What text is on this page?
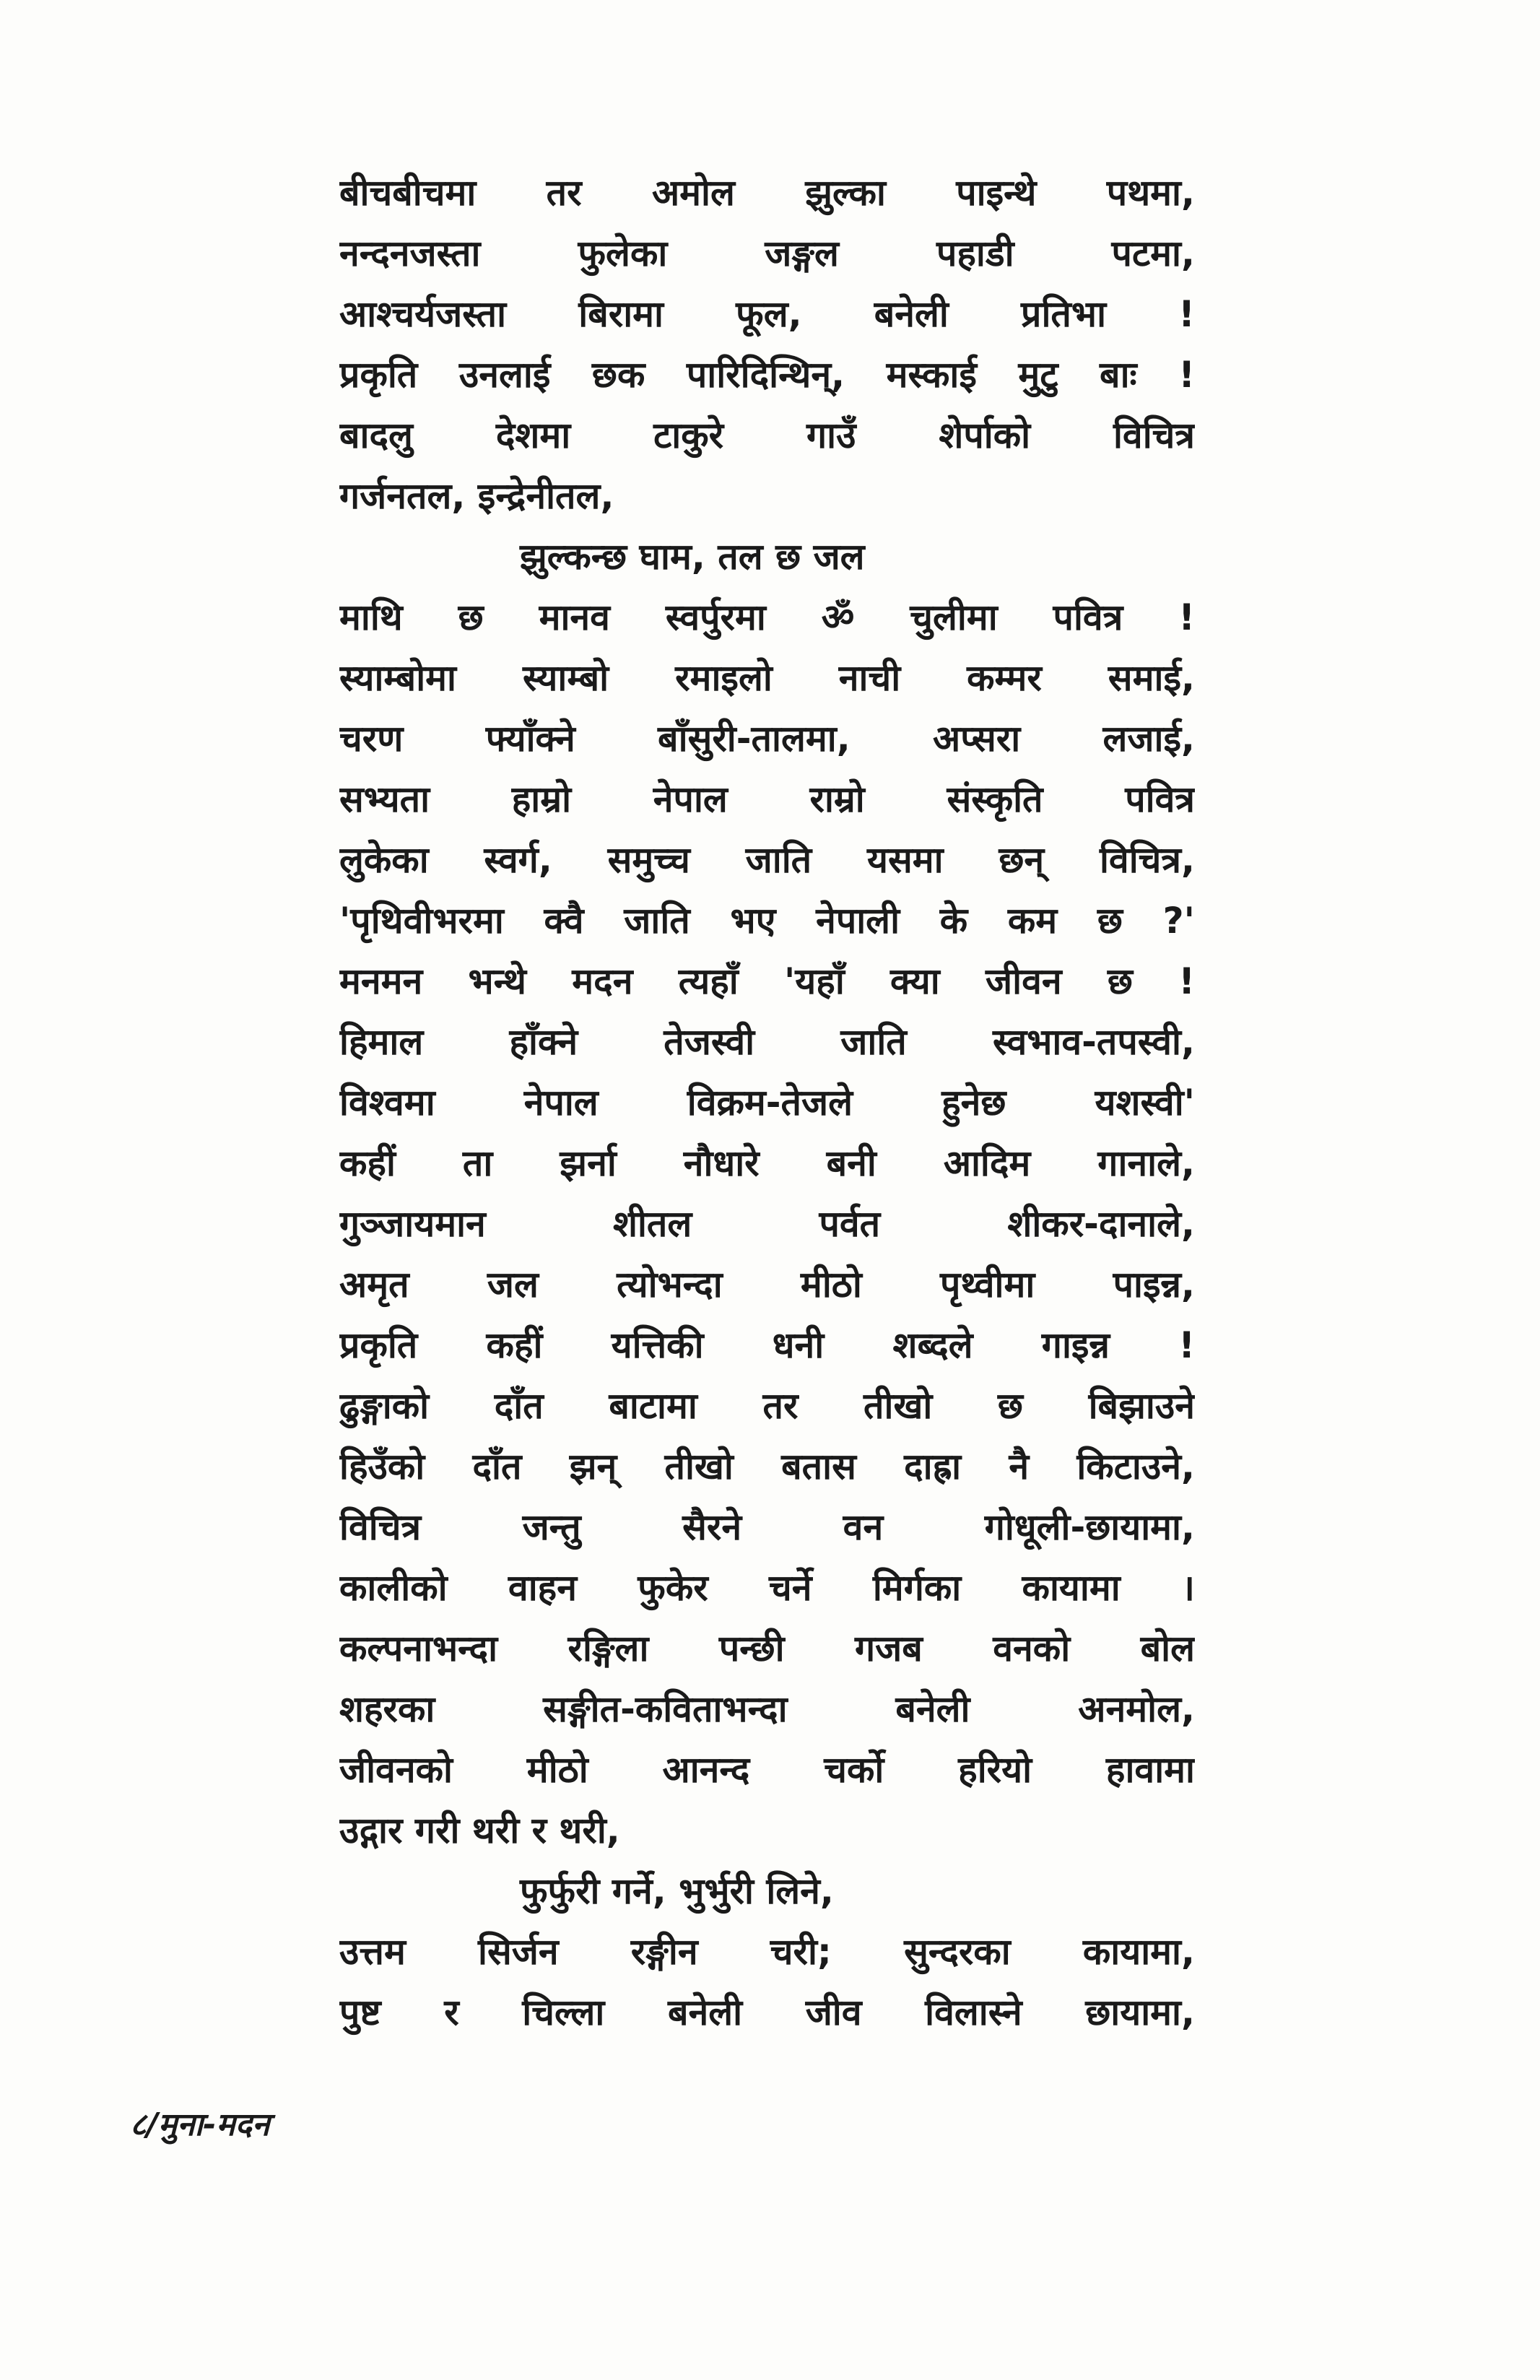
बीचबीचमा तर अमोल झुल्का पाइन्थे पथमा,
नन्दनजस्ता फुलेका जङ्गल पहाडी पटमा,
आश्चर्यजस्ता बिरामा फूल, बनेली प्रतिभा !
प्रकृति उनलाई छक पारिदिन्थिन्, मस्काई मुटु बाः !
बादलु देशमा टाकुरे गाउँ शेर्पाको विचित्र
गर्जनतल, इन्द्रेनीतल,
झुल्कन्छ घाम, तल छ जल
माथि छ मानव स्वर्पुरमा ॐ चुलीमा पवित्र !
स्याम्बोमा स्याम्बो रमाइलो नाची कम्मर समाई,
चरण फ्याँक्ने बाँसुरी-तालमा, अप्सरा लजाई,
सभ्यता हाम्रो नेपाल राम्रो संस्कृति पवित्र
लुकेका स्वर्ग, समुच्च जाति यसमा छन् विचित्र,
'पृथिवीभरमा क्वै जाति भए नेपाली के कम छ ?'
मनमन भन्थे मदन त्यहाँ 'यहाँ क्या जीवन छ !
हिमाल हाँक्ने तेजस्वी जाति स्वभाव-तपस्वी,
विश्वमा नेपाल विक्रम-तेजले हुनेछ यशस्वी'
कहीं ता झर्ना नौधारे बनी आदिम गानाले,
गुञ्जायमान शीतल पर्वत शीकर-दानाले,
अमृत जल त्योभन्दा मीठो पृथ्वीमा पाइन्न,
प्रकृति कहीं यत्तिकी धनी शब्दले गाइन्न !
ढुङ्गाको दाँत बाटामा तर तीखो छ बिझाउने
हिउँको दाँत झन् तीखो बतास दाह्रा नै किटाउने,
विचित्र जन्तु सैरने वन गोधूली-छायामा,
कालीको वाहन फुकेर चर्ने मिर्गका कायामा ।
कल्पनाभन्दा रङ्गिला पन्छी गजब वनको बोल
शहरका सङ्गीत-कविताभन्दा बनेली अनमोल,
जीवनको मीठो आनन्द चर्को हरियो हावामा
उद्गार गरी थरी र थरी,
फुर्फुरी गर्ने, भुर्भुरी लिने,
उत्तम सिर्जन रङ्गीन चरी; सुन्दरका कायामा,
पुष्ट र चिल्ला बनेली जीव विलास्ने छायामा,
८/मुना-मदन
